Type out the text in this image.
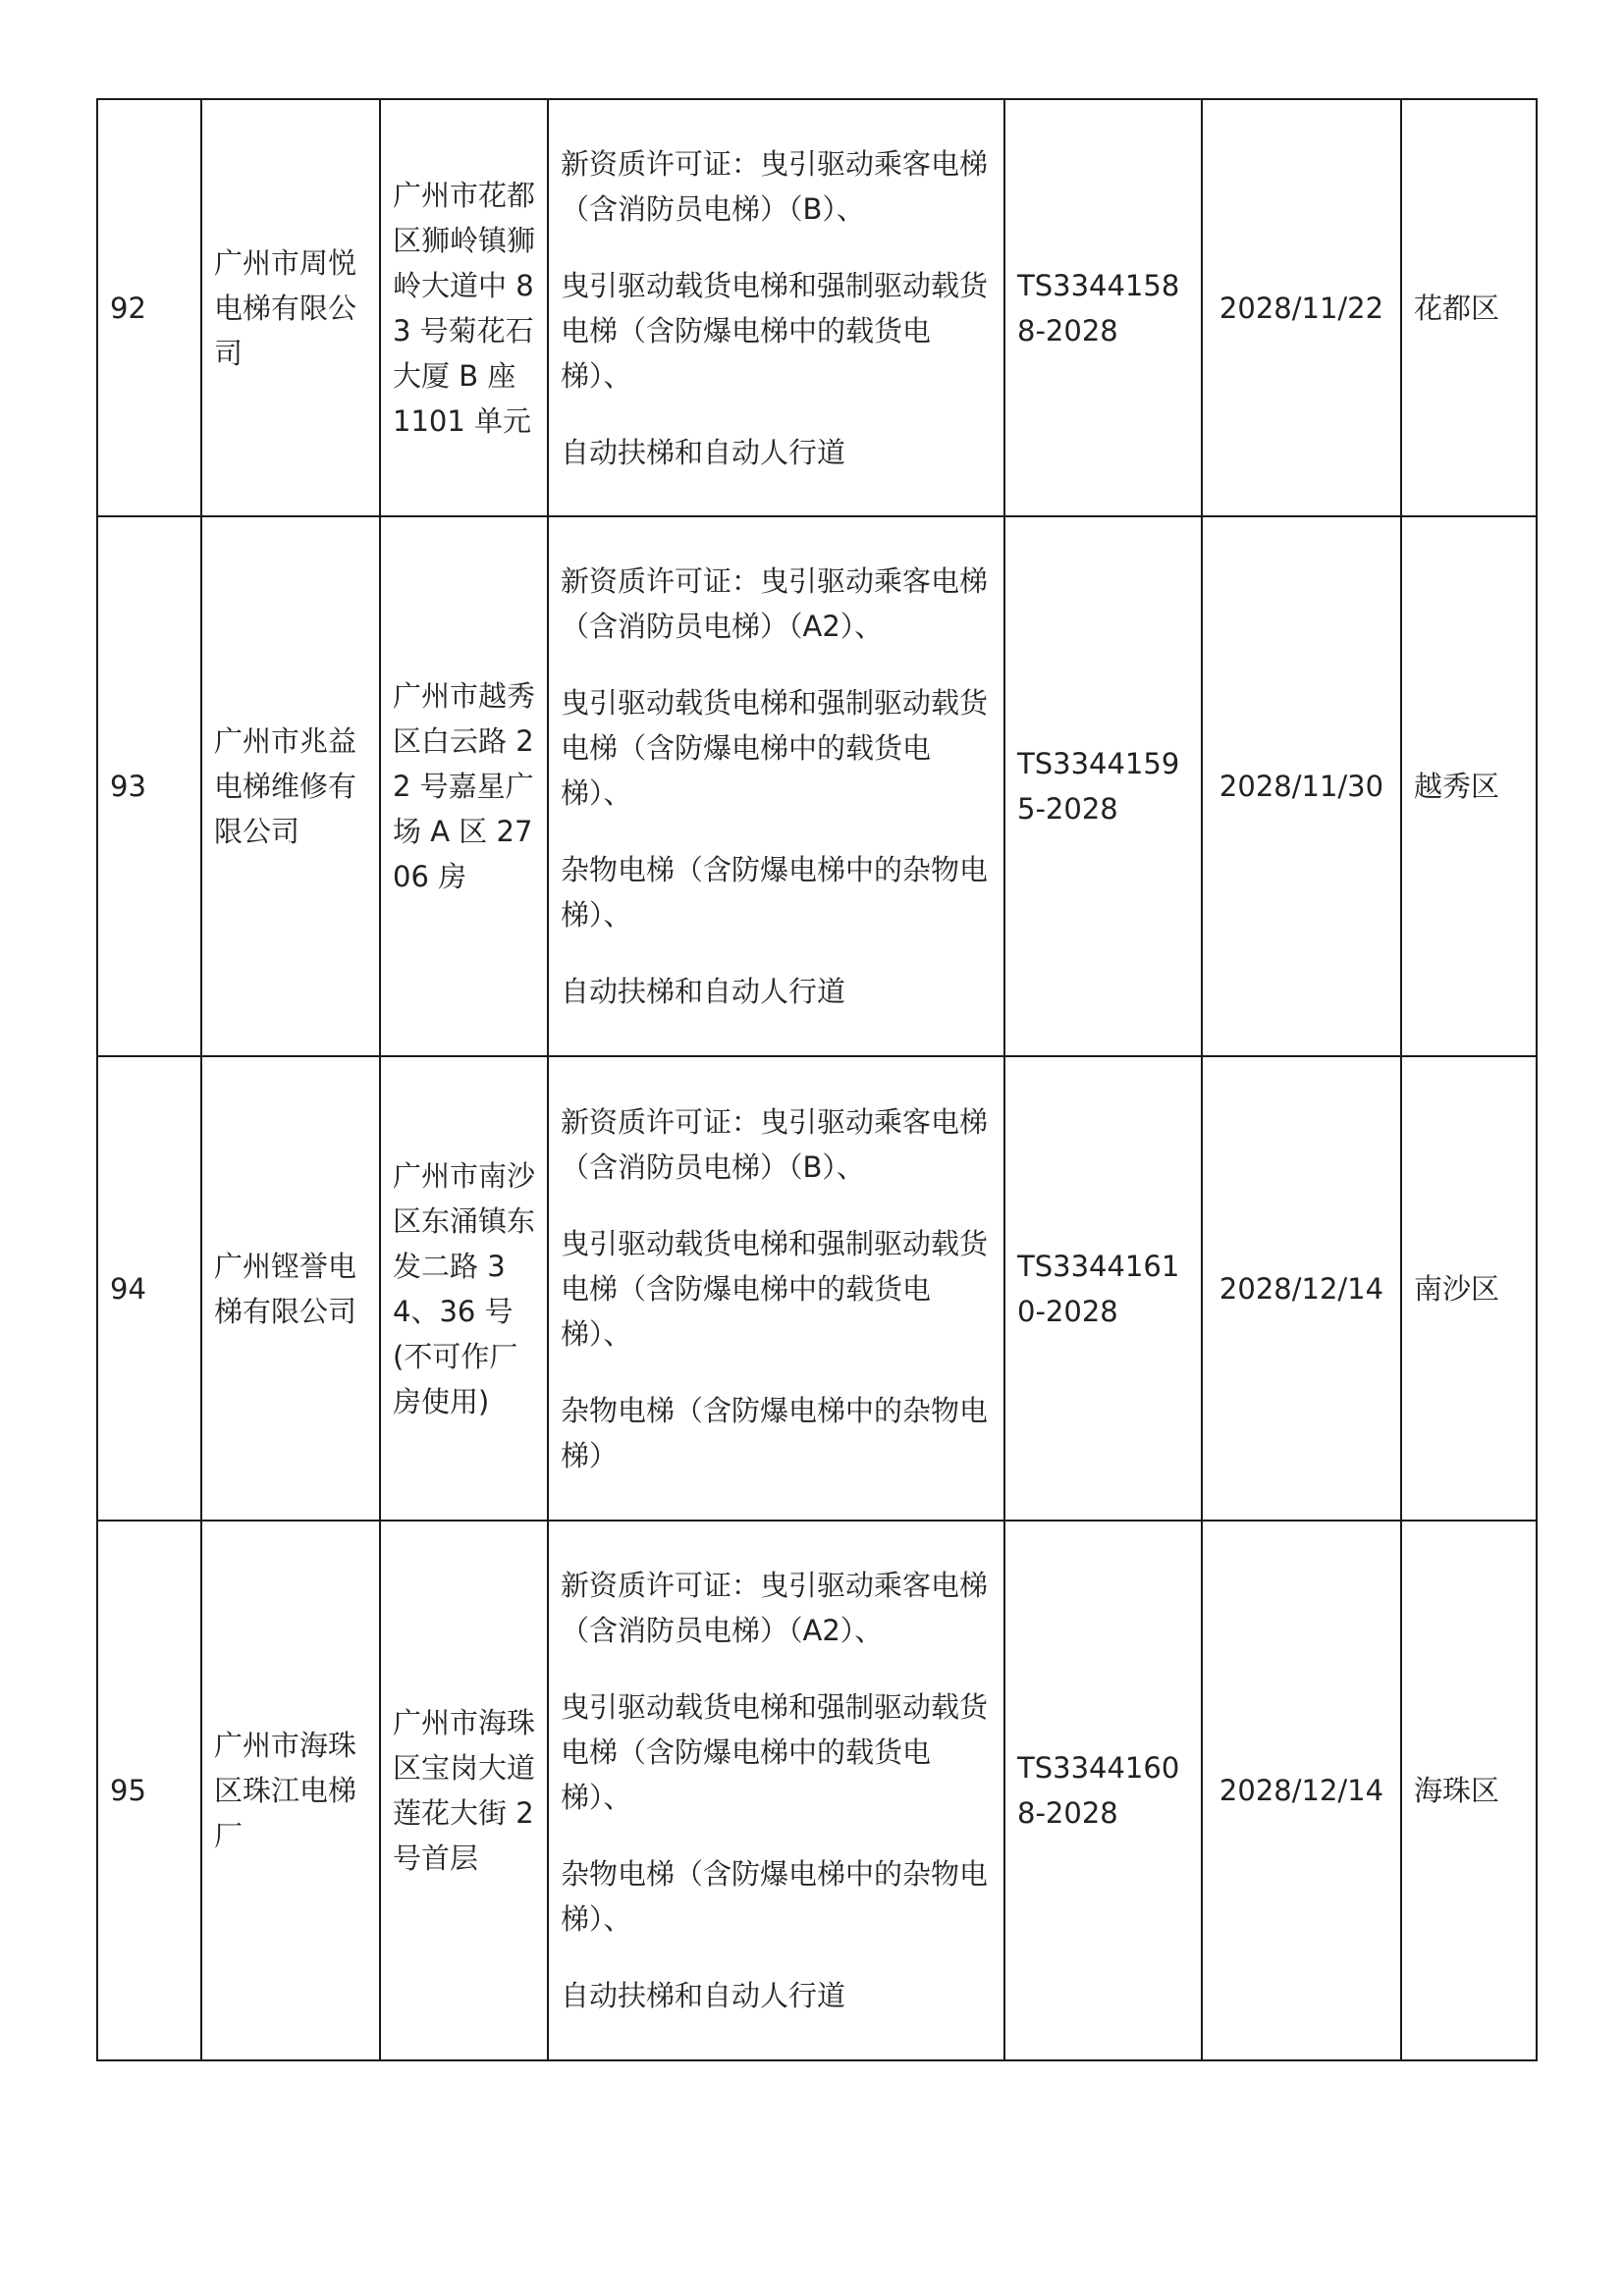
92	广州市周悦电梯有限公司	广州市花都区狮岭镇狮岭大道中 83 号菊花石大厦 B 座 1101 单元	新资质许可证：曳引驱动乘客电梯（含消防员电梯）（B）、
曳引驱动载货电梯和强制驱动载货电梯（含防爆电梯中的载货电梯）、
自动扶梯和自动人行道	TS33441588-2028	2028/11/22	花都区
93	广州市兆益电梯维修有限公司	广州市越秀区白云路 22 号嘉星广场 A 区 2706 房	新资质许可证：曳引驱动乘客电梯（含消防员电梯）（A2）、
曳引驱动载货电梯和强制驱动载货电梯（含防爆电梯中的载货电梯）、
杂物电梯（含防爆电梯中的杂物电梯）、
自动扶梯和自动人行道	TS33441595-2028	2028/11/30	越秀区
94	广州铿誉电梯有限公司	广州市南沙区东涌镇东发二路 34、36 号(不可作厂房使用)	新资质许可证：曳引驱动乘客电梯（含消防员电梯）（B）、
曳引驱动载货电梯和强制驱动载货电梯（含防爆电梯中的载货电梯）、
杂物电梯（含防爆电梯中的杂物电梯）	TS33441610-2028	2028/12/14	南沙区
95	广州市海珠区珠江电梯厂	广州市海珠区宝岗大道莲花大街 2 号首层	新资质许可证：曳引驱动乘客电梯（含消防员电梯）（A2）、
曳引驱动载货电梯和强制驱动载货电梯（含防爆电梯中的载货电梯）、
杂物电梯（含防爆电梯中的杂物电梯）、
自动扶梯和自动人行道	TS33441608-2028	2028/12/14	海珠区
